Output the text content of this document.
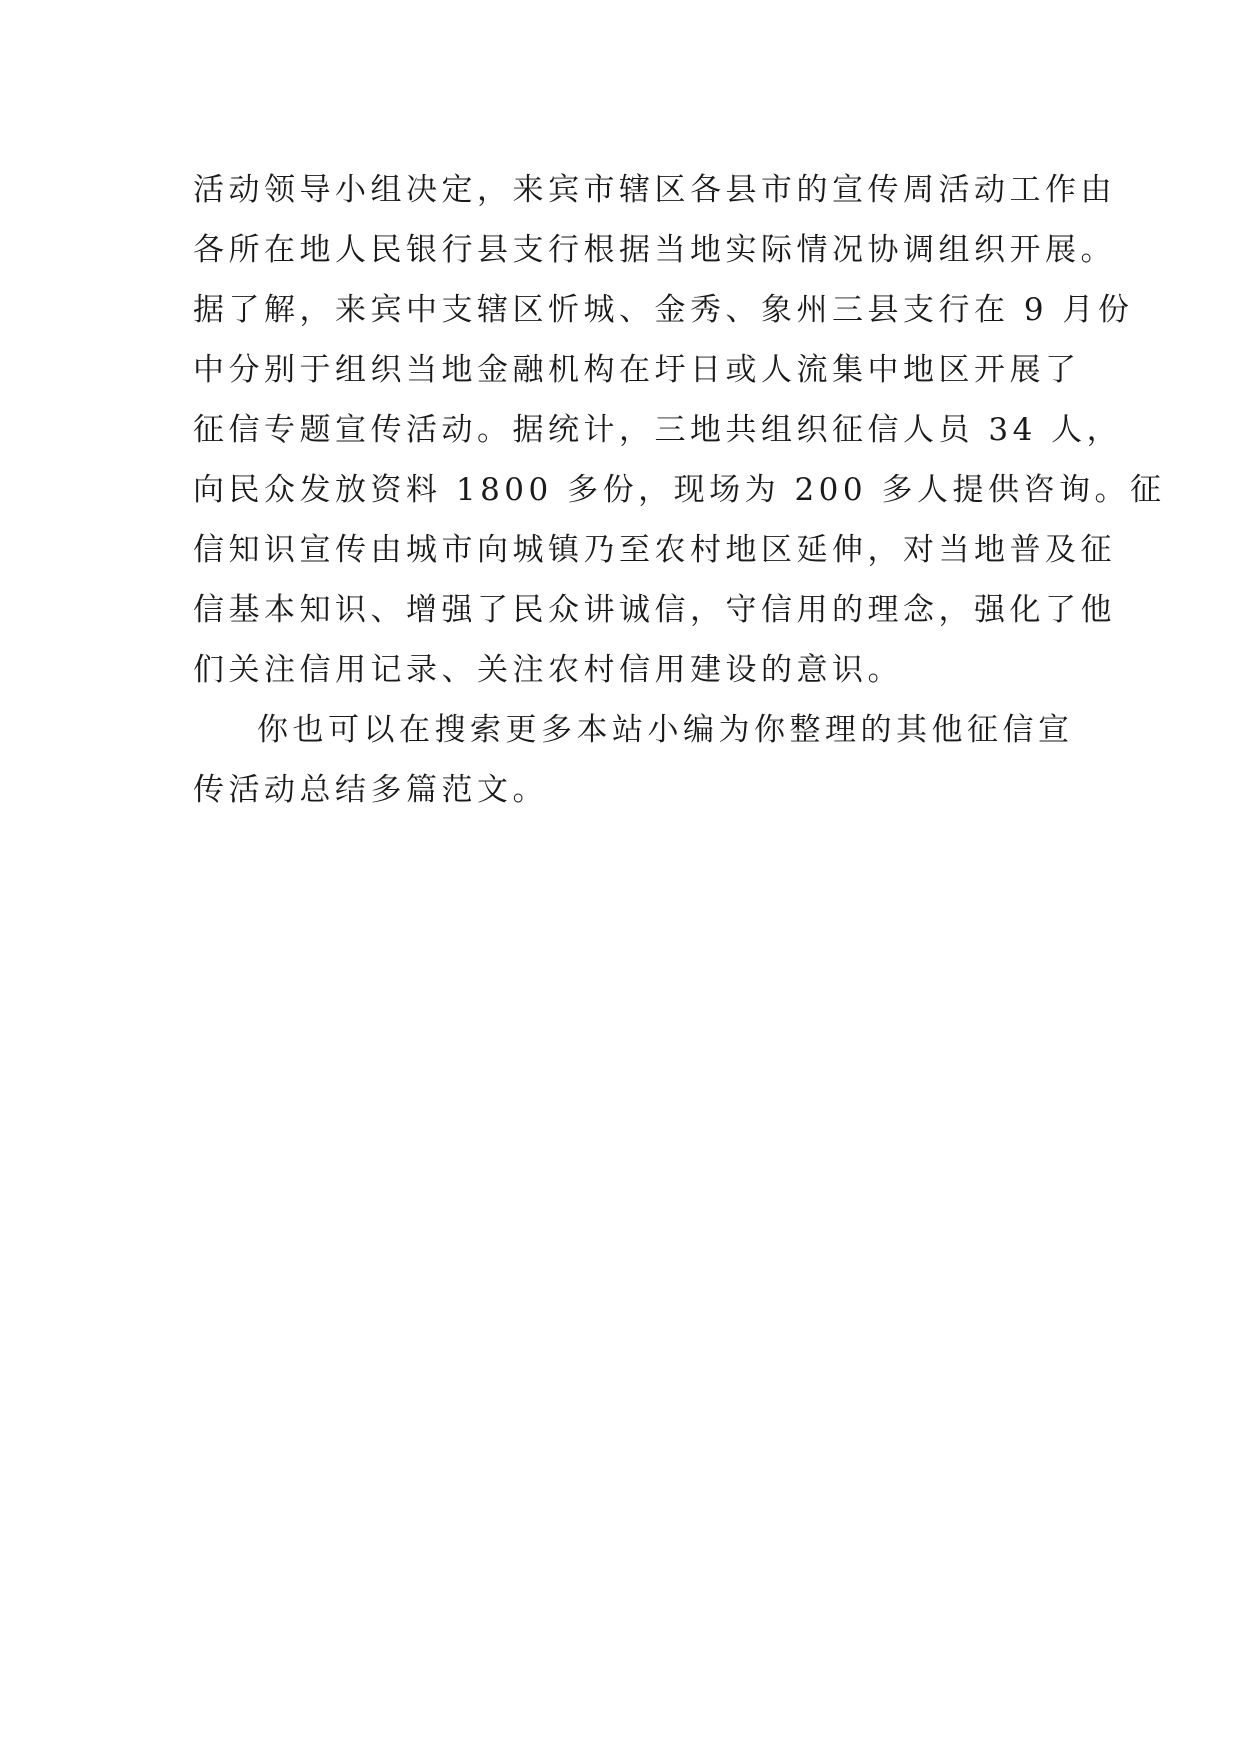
活动领导小组决定，来宾市辖区各县市的宣传周活动工作由
各所在地人民银行县支行根据当地实际情况协调组织开展。
据了解，来宾中支辖区忻城、金秀、象州三县支行在 9 月份
中分别于组织当地金融机构在圩日或人流集中地区开展了
征信专题宣传活动。据统计，三地共组织征信人员 34 人，
向民众发放资料 1800 多份，现场为 200 多人提供咨询。征
信知识宣传由城市向城镇乃至农村地区延伸，对当地普及征
信基本知识、增强了民众讲诚信，守信用的理念，强化了他
们关注信用记录、关注农村信用建设的意识。
你也可以在搜索更多本站小编为你整理的其他征信宣
传活动总结多篇范文。
